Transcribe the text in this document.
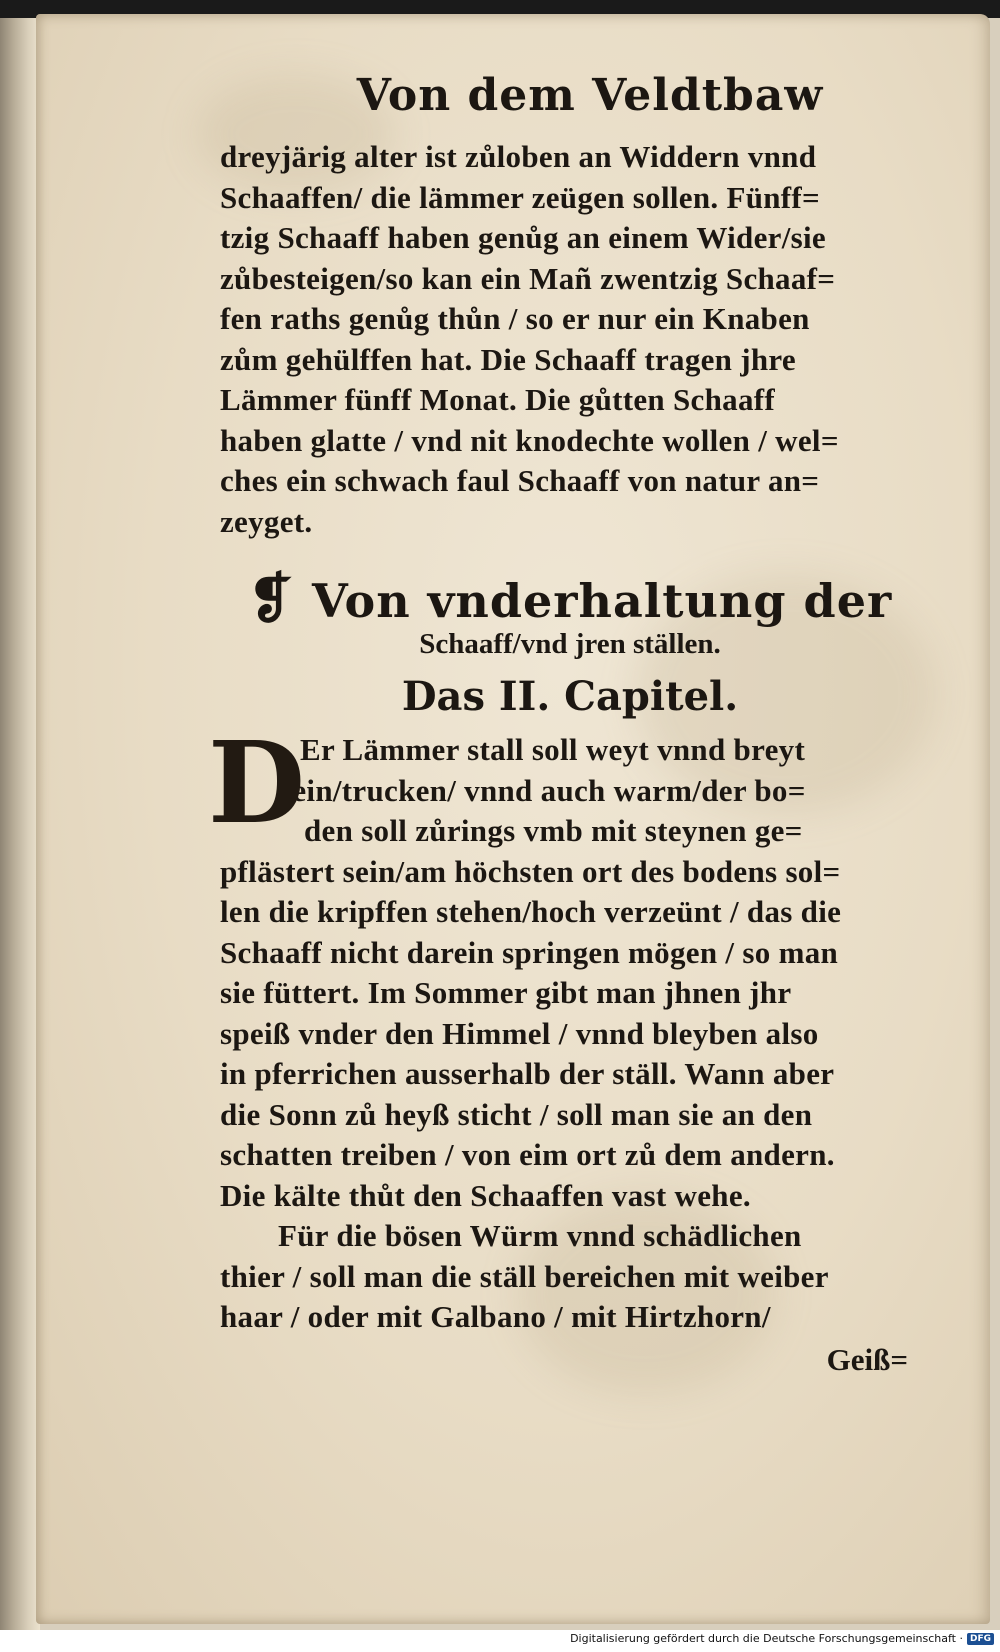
Von dem Veldtbaw
dreyjärig alter ist zůloben an Widdern vnnd
Schaaffen/ die lämmer zeügen sollen. Fünff=
tzig Schaaff haben genůg an einem Wider/sie
zůbesteigen/so kan ein Mañ zwentzig Schaaf=
fen raths genůg thůn / so er nur ein Knaben
zům gehülffen hat. Die Schaaff tragen jhre
Lämmer fünff Monat. Die gůtten Schaaff
haben glatte / vnd nit knodechte wollen / wel=
ches ein schwach faul Schaaff von natur an=
zeyget.
❡ Von vnderhaltung der
Schaaff/vnd jren ställen.
Das II. Capitel.
D
Er Lämmer stall soll weyt vnnd breyt
sein/trucken/ vnnd auch warm/der bo=
den soll zůrings vmb mit steynen ge=
pflästert sein/am höchsten ort des bodens sol=
len die kripffen stehen/hoch verzeünt / das die
Schaaff nicht darein springen mögen / so man
sie füttert. Im Sommer gibt man jhnen jhr
speiß vnder den Himmel / vnnd bleyben also
in pferrichen ausserhalb der ställ. Wann aber
die Sonn zů heyß sticht / soll man sie an den
schatten treiben / von eim ort zů dem andern.
Die kälte thůt den Schaaffen vast wehe.
Für die bösen Würm vnnd schädlichen
thier / soll man die ställ bereichen mit weiber
haar / oder mit Galbano / mit Hirtzhorn/
Geiß=
Digitalisierung gefördert durch die Deutsche Forschungsgemeinschaft · DFG
